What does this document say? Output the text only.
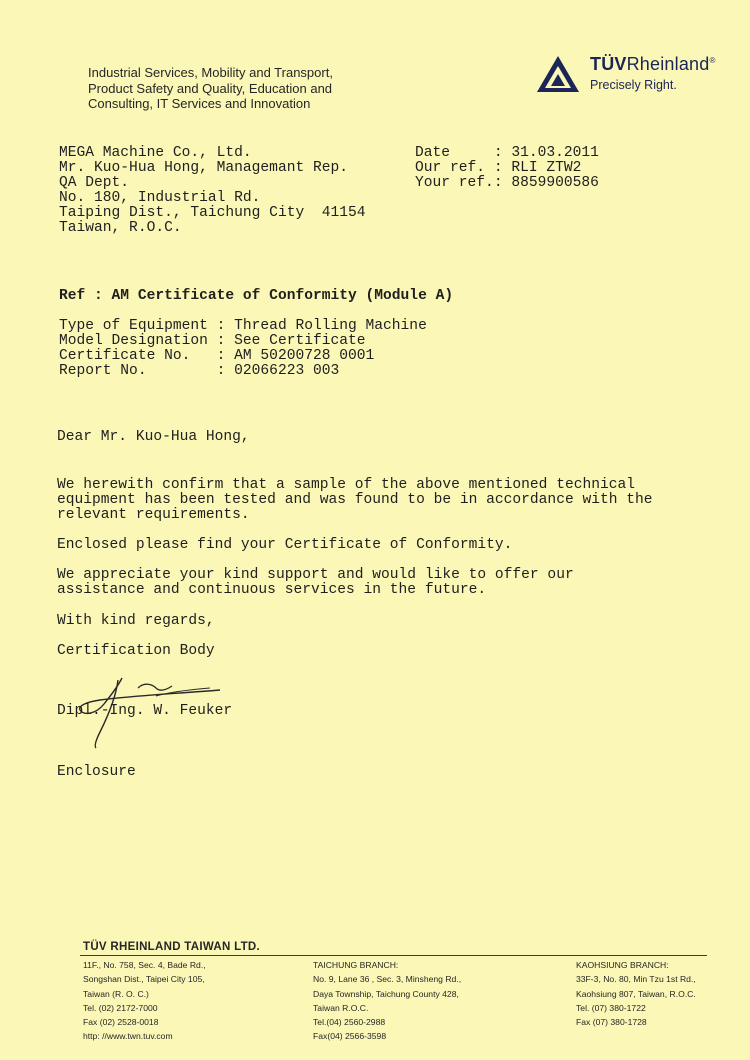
Industrial Services, Mobility and Transport,
Product Safety and Quality, Education and
Consulting, IT Services and Innovation
TÜVRheinland®
Precisely Right.
MEGA Machine Co., Ltd.
Mr. Kuo-Hua Hong, Managemant Rep.
QA Dept.
No. 180, Industrial Rd.
Taiping Dist., Taichung City  41154
Taiwan, R.O.C.
Date     : 31.03.2011
Our ref. : RLI ZTW2
Your ref.: 8859900586
Ref : AM Certificate of Conformity (Module A)
Type of Equipment : Thread Rolling Machine
Model Designation : See Certificate
Certificate No.   : AM 50200728 0001
Report No.        : 02066223 003
Dear Mr. Kuo-Hua Hong,
We herewith confirm that a sample of the above mentioned technical
equipment has been tested and was found to be in accordance with the
relevant requirements.
Enclosed please find your Certificate of Conformity.
We appreciate your kind support and would like to offer our
assistance and continuous services in the future.
With kind regards,
Certification Body
Dipl.-Ing. W. Feuker
Enclosure
TÜV RHEINLAND TAIWAN LTD.
11F., No. 758, Sec. 4, Bade Rd.,
Songshan Dist., Taipei City 105,
Taiwan (R. O. C.)
Tel. (02) 2172-7000
Fax (02) 2528-0018
http: //www.twn.tuv.com
TAICHUNG BRANCH:
No. 9, Lane 36 , Sec. 3, Minsheng Rd.,
Daya Township, Taichung County 428,
Taiwan R.O.C.
Tel.(04) 2560-2988
Fax(04) 2566-3598
KAOHSIUNG BRANCH:
33F-3, No. 80, Min Tzu 1st Rd.,
Kaohsiung 807, Taiwan, R.O.C.
Tel. (07) 380-1722
Fax (07) 380-1728
